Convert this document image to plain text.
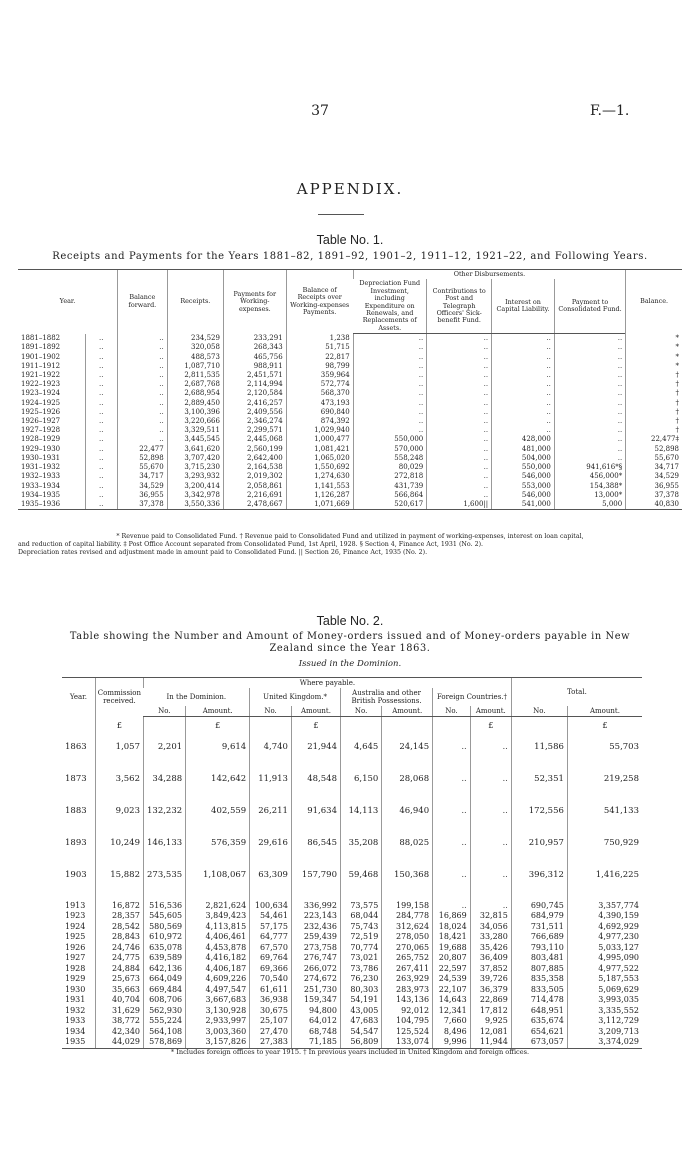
37	F.—1.
APPENDIX.
Table No. 1.
Receipts and Payments for the Years 1881–82, 1891–92, 1901–2, 1911–12, 1921–22, and Following Years.
Year.		Balance forward.	Receipts.	Payments for Working-expenses.	Balance of Receipts over Working-expenses Payments.	Other Disbursements.				Balance.
						Depreciation Fund Investment, including Expenditure on Renewals, and Replacements of Assets.	Contributions to Post and Telegraph Officers' Sick-benefit Fund.	Interest on Capital Liability.	Payment to Consolidated Fund.	
1881–1882	..	..	234,529	233,291	1,238	..	..	..	..	*
1891–1892	..	..	320,058	268,343	51,715	..	..	..	..	*
1901–1902	..	..	488,573	465,756	22,817	..	..	..	..	*
1911–1912	..	..	1,087,710	988,911	98,799	..	..	..	..	*
1921–1922	..	..	2,811,535	2,451,571	359,964	..	..	..	..	†
1922–1923	..	..	2,687,768	2,114,994	572,774	..	..	..	..	†
1923–1924	..	..	2,688,954	2,120,584	568,370	..	..	..	..	†
1924–1925	..	..	2,889,450	2,416,257	473,193	..	..	..	..	†
1925–1926	..	..	3,100,396	2,409,556	690,840	..	..	..	..	†
1926–1927	..	..	3,220,666	2,346,274	874,392	..	..	..	..	†
1927–1928	..	..	3,329,511	2,299,571	1,029,940	..	..	..	..	†
1928–1929	..	..	3,445,545	2,445,068	1,000,477	550,000	..	428,000	..	22,477‡
1929–1930	..	22,477	3,641,620	2,560,199	1,081,421	570,000	..	481,000	..	52,898
1930–1931	..	52,898	3,707,420	2,642,400	1,065,020	558,248	..	504,000	..	55,670
1931–1932	..	55,670	3,715,230	2,164,538	1,550,692	80,029	..	550,000	941,616*§	34,717
1932–1933	..	34,717	3,293,932	2,019,302	1,274,630	272,818	..	546,000	456,000*	34,529
1933–1934	..	34,529	3,200,414	2,058,861	1,141,553	431,739	..	553,000	154,388*	36,955
1934–1935	..	36,955	3,342,978	2,216,691	1,126,287	566,864	..	546,000	13,000*	37,378
1935–1936	..	37,378	3,550,336	2,478,667	1,071,669	520,617	1,600||	541,000	5,000	40,830
* Revenue paid to Consolidated Fund. † Revenue paid to Consolidated Fund and utilized in payment of working-expenses, interest on loan capital,
and reduction of capital liability. ‡ Post Office Account separated from Consolidated Fund, 1st April, 1928. § Section 4, Finance Act, 1931 (No. 2).
Depreciation rates revised and adjustment made in amount paid to Consolidated Fund. || Section 26, Finance Act, 1935 (No. 2).
Table No. 2.
Table showing the Number and Amount of Money-orders issued and of Money-orders payable in New Zealand since the Year 1863.
Issued in the Dominion.
Year.	Commission received.	Where payable.								Total.	
		In the Dominion.		United Kingdom.*		Australia and other British Possessions.		Foreign Countries.†			
		No.	Amount.	No.	Amount.	No.	Amount.	No.	Amount.	No.	Amount.
	£		£		£				£		£
1863	1,057	2,201	9,614	4,740	21,944	4,645	24,145	..	..	11,586	55,703
1873	3,562	34,288	142,642	11,913	48,548	6,150	28,068	..	..	52,351	219,258
1883	9,023	132,232	402,559	26,211	91,634	14,113	46,940	..	..	172,556	541,133
1893	10,249	146,133	576,359	29,616	86,545	35,208	88,025	..	..	210,957	750,929
1903	15,882	273,535	1,108,067	63,309	157,790	59,468	150,368	..	..	396,312	1,416,225
1913	16,872	516,536	2,821,624	100,634	336,992	73,575	199,158	..	..	690,745	3,357,774
1923	28,357	545,605	3,849,423	54,461	223,143	68,044	284,778	16,869	32,815	684,979	4,390,159
1924	28,542	580,569	4,113,815	57,175	232,436	75,743	312,624	18,024	34,056	731,511	4,692,929
1925	28,843	610,972	4,406,461	64,777	259,439	72,519	278,050	18,421	33,280	766,689	4,977,230
1926	24,746	635,078	4,453,878	67,570	273,758	70,774	270,065	19,688	35,426	793,110	5,033,127
1927	24,775	639,589	4,416,182	69,764	276,747	73,021	265,752	20,807	36,409	803,481	4,995,090
1928	24,884	642,136	4,406,187	69,366	266,072	73,786	267,411	22,597	37,852	807,885	4,977,522
1929	25,673	664,049	4,609,226	70,540	274,672	76,230	263,929	24,539	39,726	835,358	5,187,553
1930	35,663	669,484	4,497,547	61,611	251,730	80,303	283,973	22,107	36,379	833,505	5,069,629
1931	40,704	608,706	3,667,683	36,938	159,347	54,191	143,136	14,643	22,869	714,478	3,993,035
1932	31,629	562,930	3,130,928	30,675	94,800	43,005	92,012	12,341	17,812	648,951	3,335,552
1933	38,772	555,224	2,933,997	25,107	64,012	47,683	104,795	7,660	9,925	635,674	3,112,729
1934	42,340	564,108	3,003,360	27,470	68,748	54,547	125,524	8,496	12,081	654,621	3,209,713
1935	44,029	578,869	3,157,826	27,383	71,185	56,809	133,074	9,996	11,944	673,057	3,374,029
* Includes foreign offices to year 1915. † In previous years included in United Kingdom and foreign offices.
